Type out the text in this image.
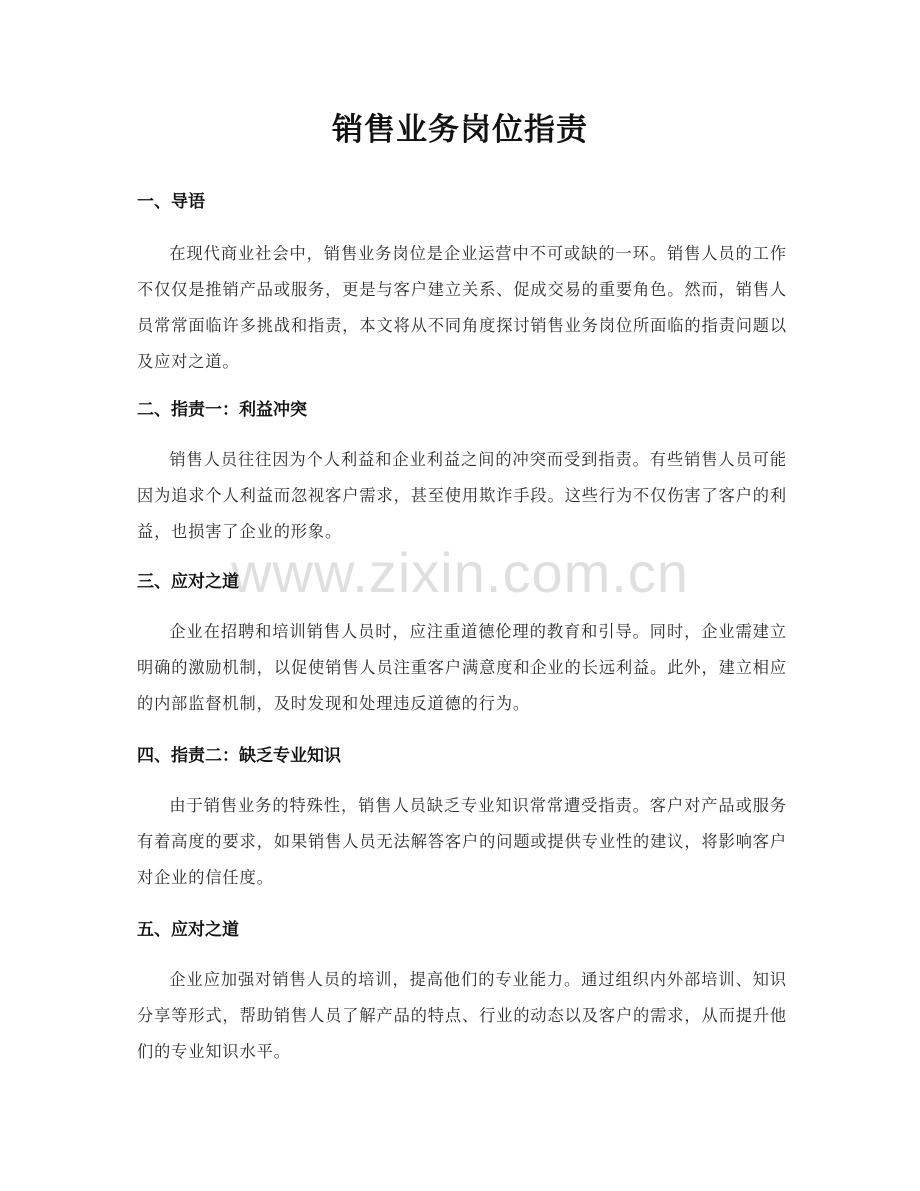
销售业务岗位指责
一、导语

在现代商业社会中，销售业务岗位是企业运营中不可或缺的一环。销售人员的工作不仅仅是推销产品或服务，更是与客户建立关系、促成交易的重要角色。然而，销售人员常常面临许多挑战和指责，本文将从不同角度探讨销售业务岗位所面临的指责问题以及应对之道。

二、指责一：利益冲突

销售人员往往因为个人利益和企业利益之间的冲突而受到指责。有些销售人员可能因为追求个人利益而忽视客户需求，甚至使用欺诈手段。这些行为不仅伤害了客户的利益，也损害了企业的形象。

三、应对之道

企业在招聘和培训销售人员时，应注重道德伦理的教育和引导。同时，企业需建立明确的激励机制，以促使销售人员注重客户满意度和企业的长远利益。此外，建立相应的内部监督机制，及时发现和处理违反道德的行为。

四、指责二：缺乏专业知识

由于销售业务的特殊性，销售人员缺乏专业知识常常遭受指责。客户对产品或服务有着高度的要求，如果销售人员无法解答客户的问题或提供专业性的建议，将影响客户对企业的信任度。

五、应对之道

企业应加强对销售人员的培训，提高他们的专业能力。通过组织内外部培训、知识分享等形式，帮助销售人员了解产品的特点、行业的动态以及客户的需求，从而提升他们的专业知识水平。

www.zixin.com.cn
